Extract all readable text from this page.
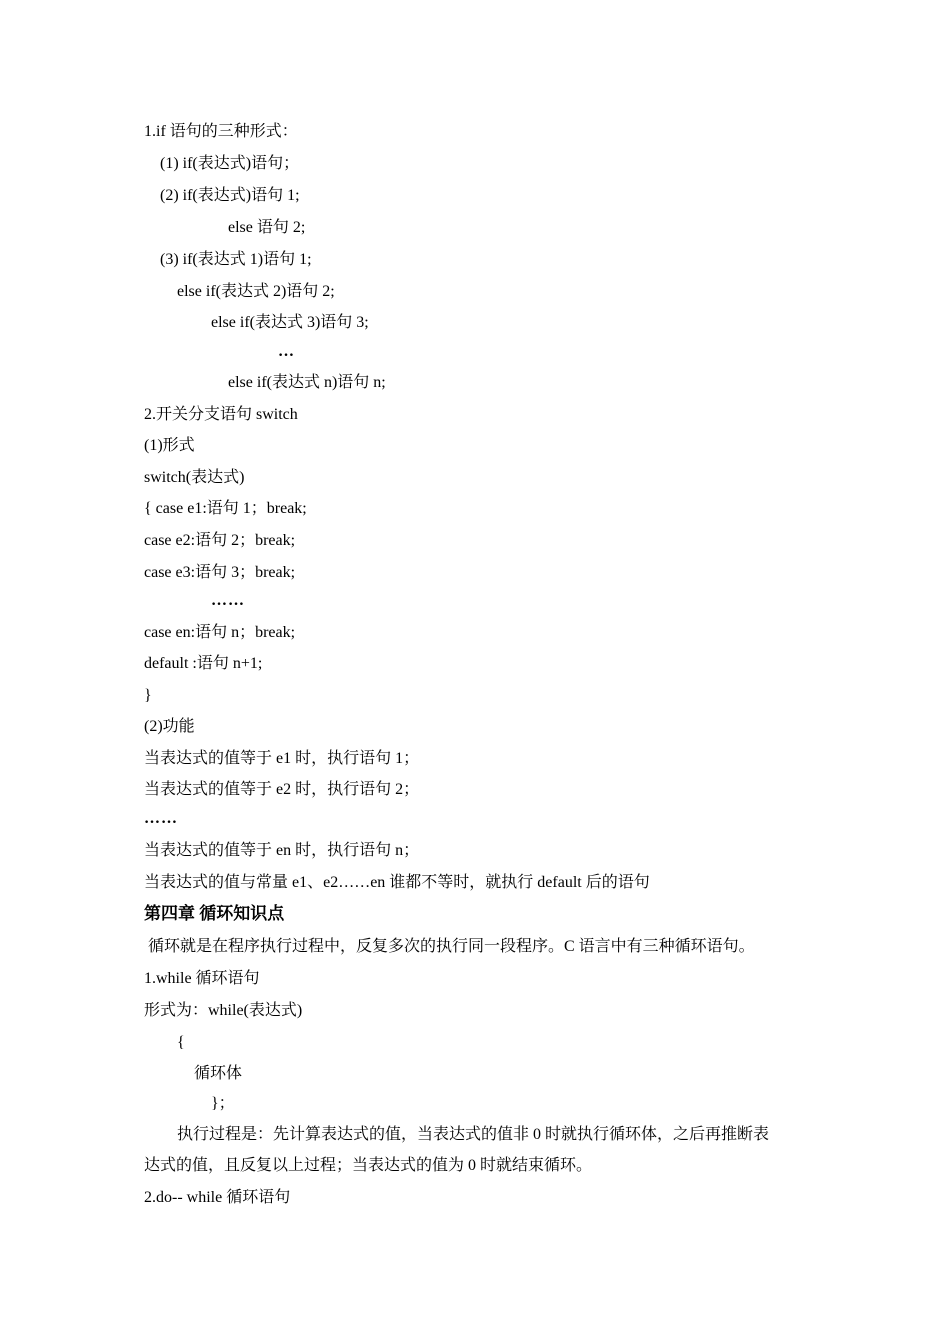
1.if 语句的三种形式：
(1) if(表达式)语句；
(2) if(表达式)语句 1;
else 语句 2;
(3) if(表达式 1)语句 1;
else if(表达式 2)语句 2;
else if(表达式 3)语句 3;
…
else if(表达式 n)语句 n;
2.开关分支语句 switch
(1)形式
switch(表达式)
{ case e1:语句 1；break;
case e2:语句 2；break;
case e3:语句 3；break;
……
case en:语句 n；break;
default :语句 n+1;
}
(2)功能
当表达式的值等于 e1 时，执行语句 1；
当表达式的值等于 e2 时，执行语句 2；
……
当表达式的值等于 en 时，执行语句 n；
当表达式的值与常量 e1、e2……en 谁都不等时，就执行 default 后的语句
第四章 循环知识点
循环就是在程序执行过程中，反复多次的执行同一段程序。C 语言中有三种循环语句。
1.while 循环语句
形式为：while(表达式)
{
循环体
}；
执行过程是：先计算表达式的值，当表达式的值非 0 时就执行循环体，之后再推断表
达式的值，且反复以上过程；当表达式的值为 0 时就结束循环。
2.do-- while 循环语句
